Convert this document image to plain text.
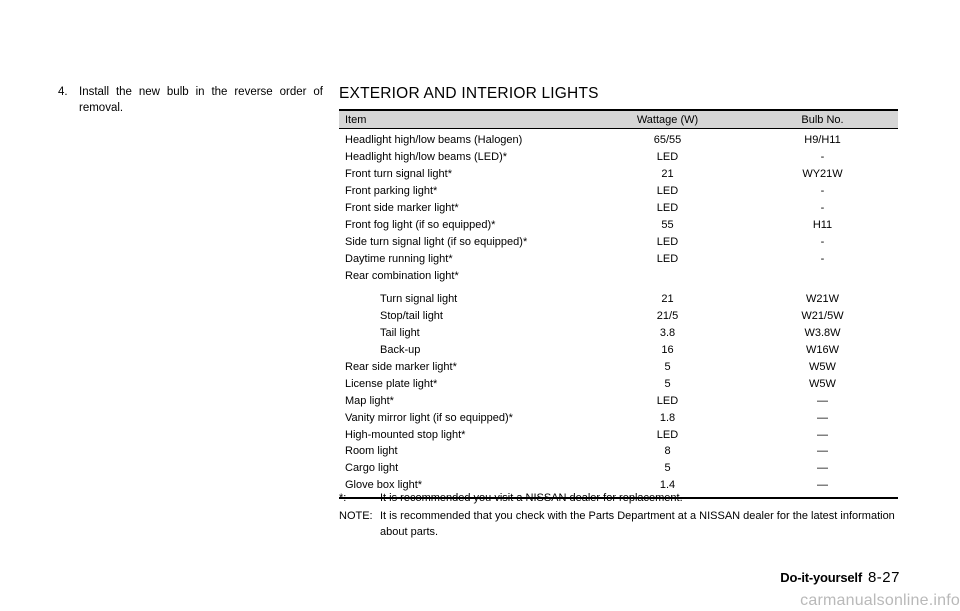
4. Install the new bulb in the reverse order of removal.
EXTERIOR AND INTERIOR LIGHTS
Item	Wattage (W)	Bulb No.
Headlight high/low beams (Halogen)	65/55	H9/H11
Headlight high/low beams (LED)*	LED	-
Front turn signal light*	21	WY21W
Front parking light*	LED	-
Front side marker light*	LED	-
Front fog light (if so equipped)*	55	H11
Side turn signal light (if so equipped)*	LED	-
Daytime running light*	LED	-
Rear combination light*		

Turn signal light	21	W21W
Stop/tail light	21/5	W21/5W
Tail light	3.8	W3.8W
Back-up	16	W16W
Rear side marker light*	5	W5W
License plate light*	5	W5W
Map light*	LED	—
Vanity mirror light (if so equipped)*	1.8	—
High-mounted stop light*	LED	—
Room light	8	—
Cargo light	5	—
Glove box light*	1.4	—
*:	It is recommended you visit a NISSAN dealer for replacement.
NOTE: It is recommended that you check with the Parts Department at a NISSAN dealer for the latest information about parts.
Do-it-yourself 8-27
carmanualsonline.info
